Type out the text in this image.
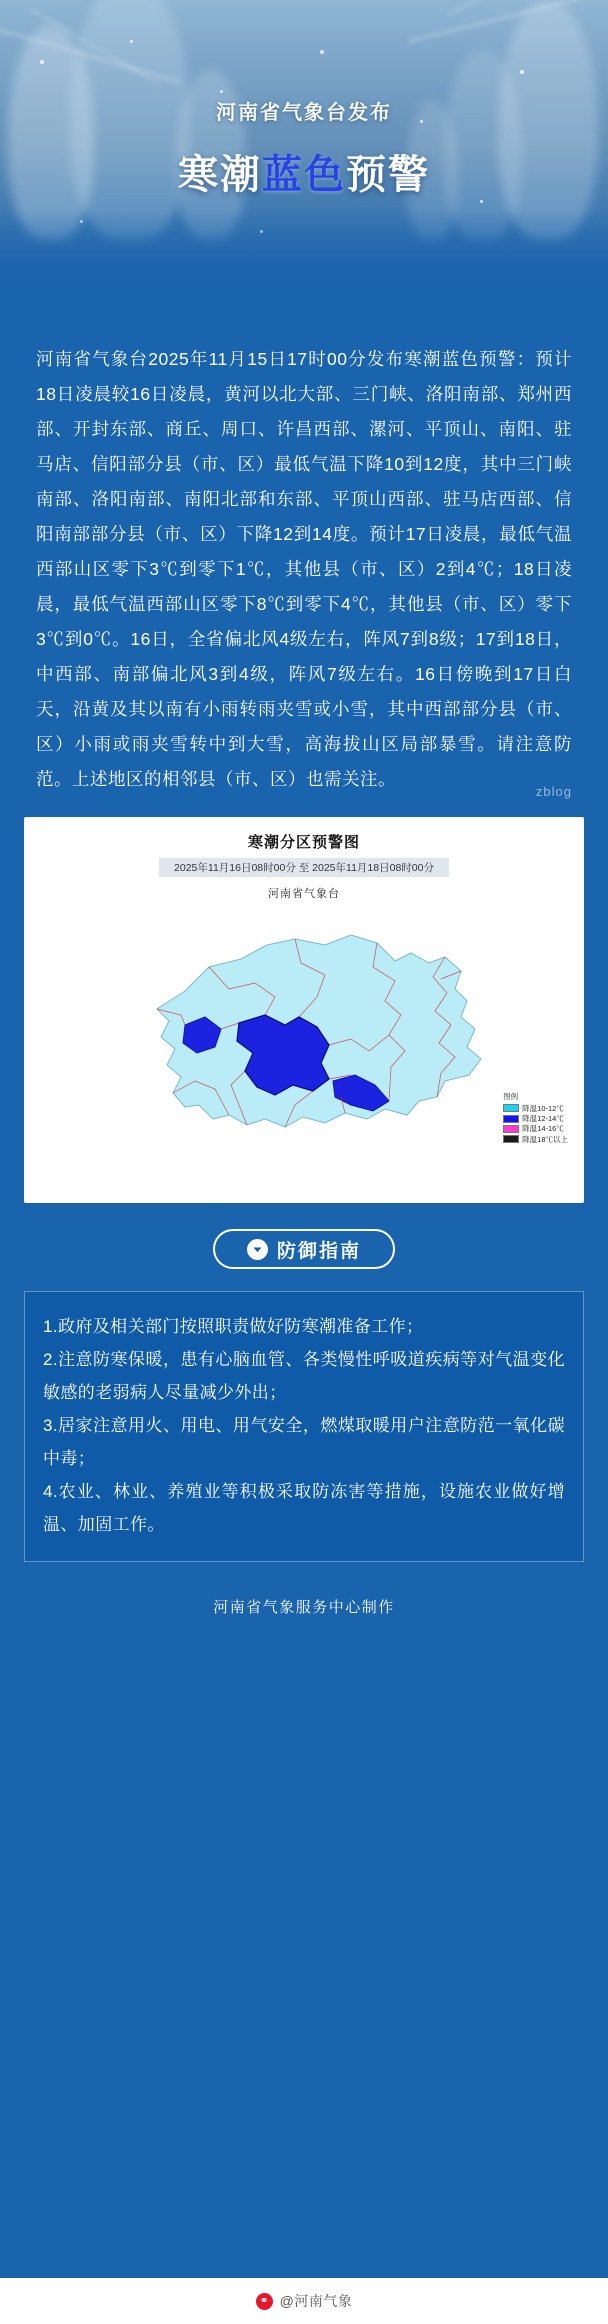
河南省气象台发布
寒潮蓝色预警

河南省气象台2025年11月15日17时00分发布寒潮蓝色预警：预计18日凌晨较16日凌晨，黄河以北大部、三门峡、洛阳南部、郑州西部、开封东部、商丘、周口、许昌西部、漯河、平顶山、南阳、驻马店、信阳部分县（市、区）最低气温下降10到12度，其中三门峡南部、洛阳南部、南阳北部和东部、平顶山西部、驻马店西部、信阳南部部分县（市、区）下降12到14度。预计17日凌晨，最低气温西部山区零下3℃到零下1℃，其他县（市、区）2到4℃；18日凌晨，最低气温西部山区零下8℃到零下4℃，其他县（市、区）零下3℃到0℃。16日，全省偏北风4级左右，阵风7到8级；17到18日，中西部、南部偏北风3到4级，阵风7级左右。16日傍晚到17日白天，沿黄及其以南有小雨转雨夹雪或小雪，其中西部部分县（市、区）小雨或雨夹雪转中到大雪，高海拔山区局部暴雪。请注意防范。上述地区的相邻县（市、区）也需关注。

zblog
寒潮分区预警图
2025年11月16日08时00分 至 2025年11月18日08时00分
河南省气象台
图例
降温10-12℃
降温12-14℃
降温14-16℃
降温18℃以上
防御指南
1.政府及相关部门按照职责做好防寒潮准备工作；
2.注意防寒保暖，患有心脑血管、各类慢性呼吸道疾病等对气温变化敏感的老弱病人尽量减少外出；
3.居家注意用火、用电、用气安全，燃煤取暖用户注意防范一氧化碳中毒；
4.农业、林业、养殖业等积极采取防冻害等措施，设施农业做好增温、加固工作。
河南省气象服务中心制作
⚭ @河南气象
